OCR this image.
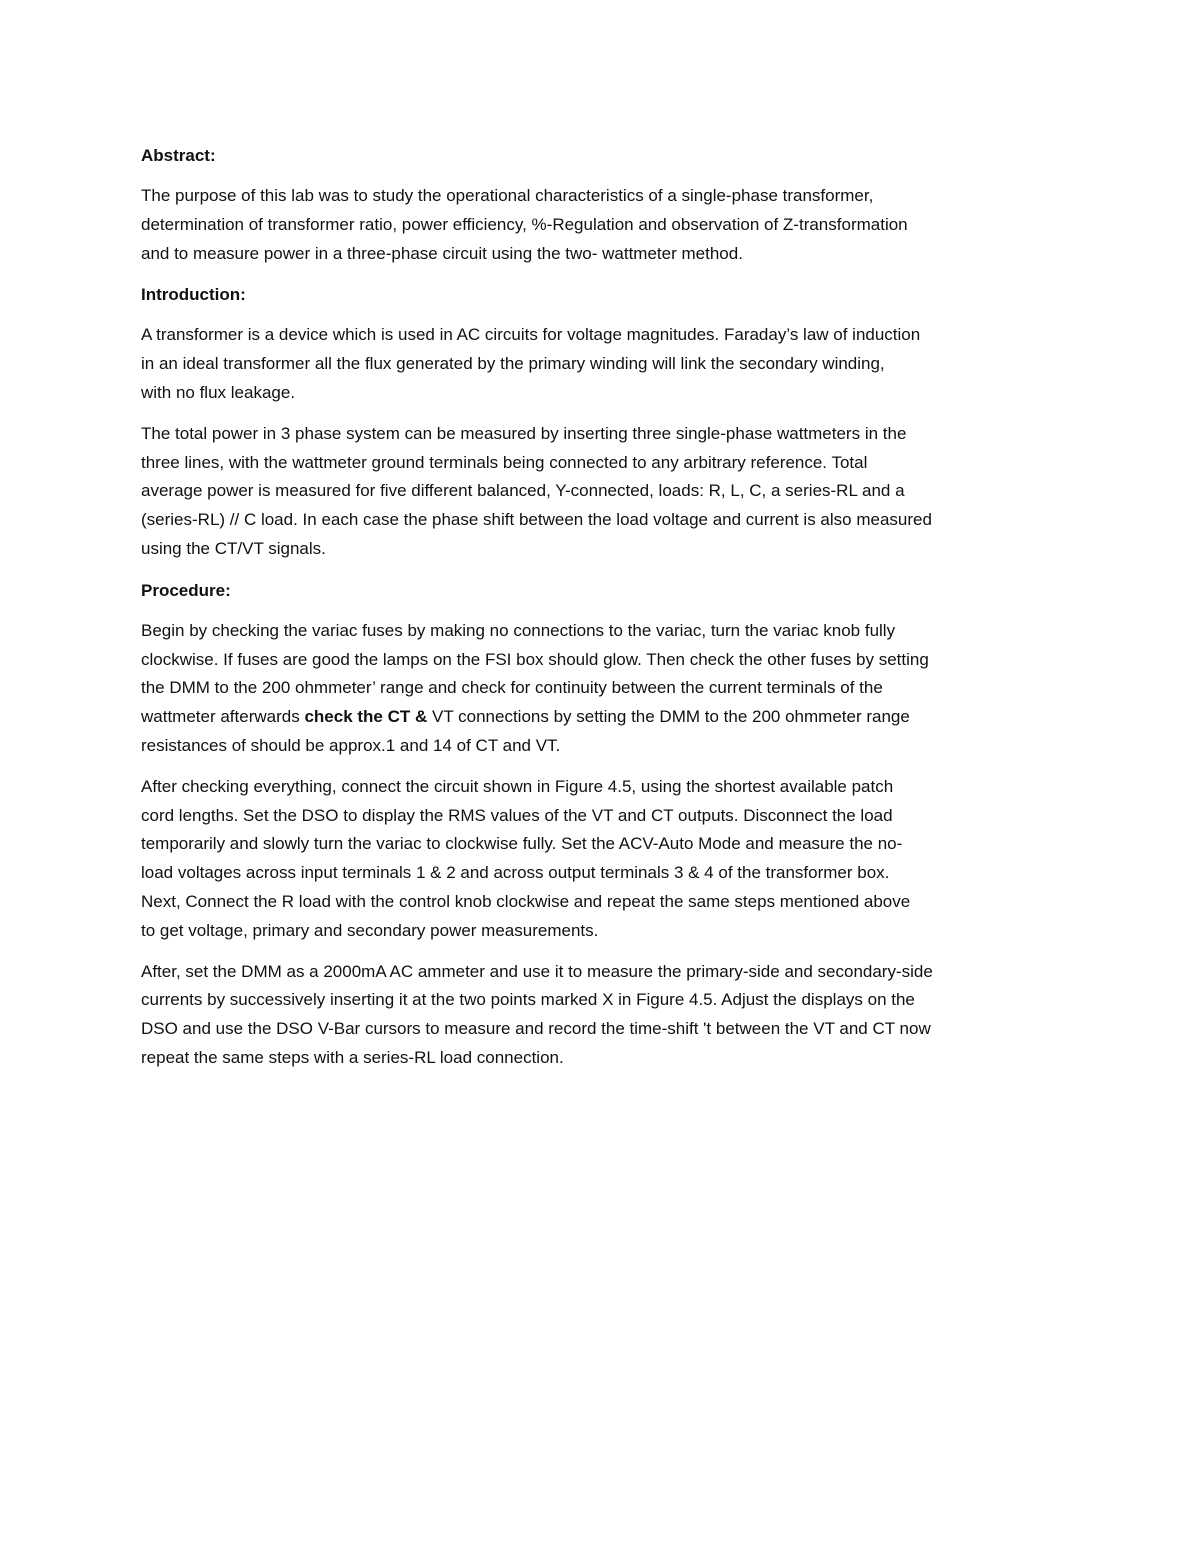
Abstract:

The purpose of this lab was to study the operational characteristics of a single-phase transformer,
determination of transformer ratio, power efficiency, %-Regulation and observation of Z-transformation
and to measure power in a three-phase circuit using the two- wattmeter method.

Introduction:

A transformer is a device which is used in AC circuits for voltage magnitudes. Faraday’s law of induction
in an ideal transformer all the flux generated by the primary winding will link the secondary winding,
with no flux leakage.

The total power in 3 phase system can be measured by inserting three single-phase wattmeters in the
three lines, with the wattmeter ground terminals being connected to any arbitrary reference. Total
average power is measured for five different balanced, Y-connected, loads: R, L, C, a series-RL and a
(series-RL) // C load. In each case the phase shift between the load voltage and current is also measured
using the CT/VT signals.

Procedure:

Begin by checking the variac fuses by making no connections to the variac, turn the variac knob fully
clockwise. If fuses are good the lamps on the FSI box should glow. Then check the other fuses by setting
the DMM to the 200 ohmmeter’ range and check for continuity between the current terminals of the
wattmeter afterwards check the CT & VT connections by setting the DMM to the 200 ohmmeter range
resistances of should be approx.1 and 14 of CT and VT.

After checking everything, connect the circuit shown in Figure 4.5, using the shortest available patch
cord lengths. Set the DSO to display the RMS values of the VT and CT outputs. Disconnect the load
temporarily and slowly turn the variac to clockwise fully. Set the ACV-Auto Mode and measure the no-
load voltages across input terminals 1 & 2 and across output terminals 3 & 4 of the transformer box.
Next, Connect the R load with the control knob clockwise and repeat the same steps mentioned above
to get voltage, primary and secondary power measurements.

After, set the DMM as a 2000mA AC ammeter and use it to measure the primary-side and secondary-side
currents by successively inserting it at the two points marked X in Figure 4.5. Adjust the displays on the
DSO and use the DSO V-Bar cursors to measure and record the time-shift 't between the VT and CT now
repeat the same steps with a series-RL load connection.
